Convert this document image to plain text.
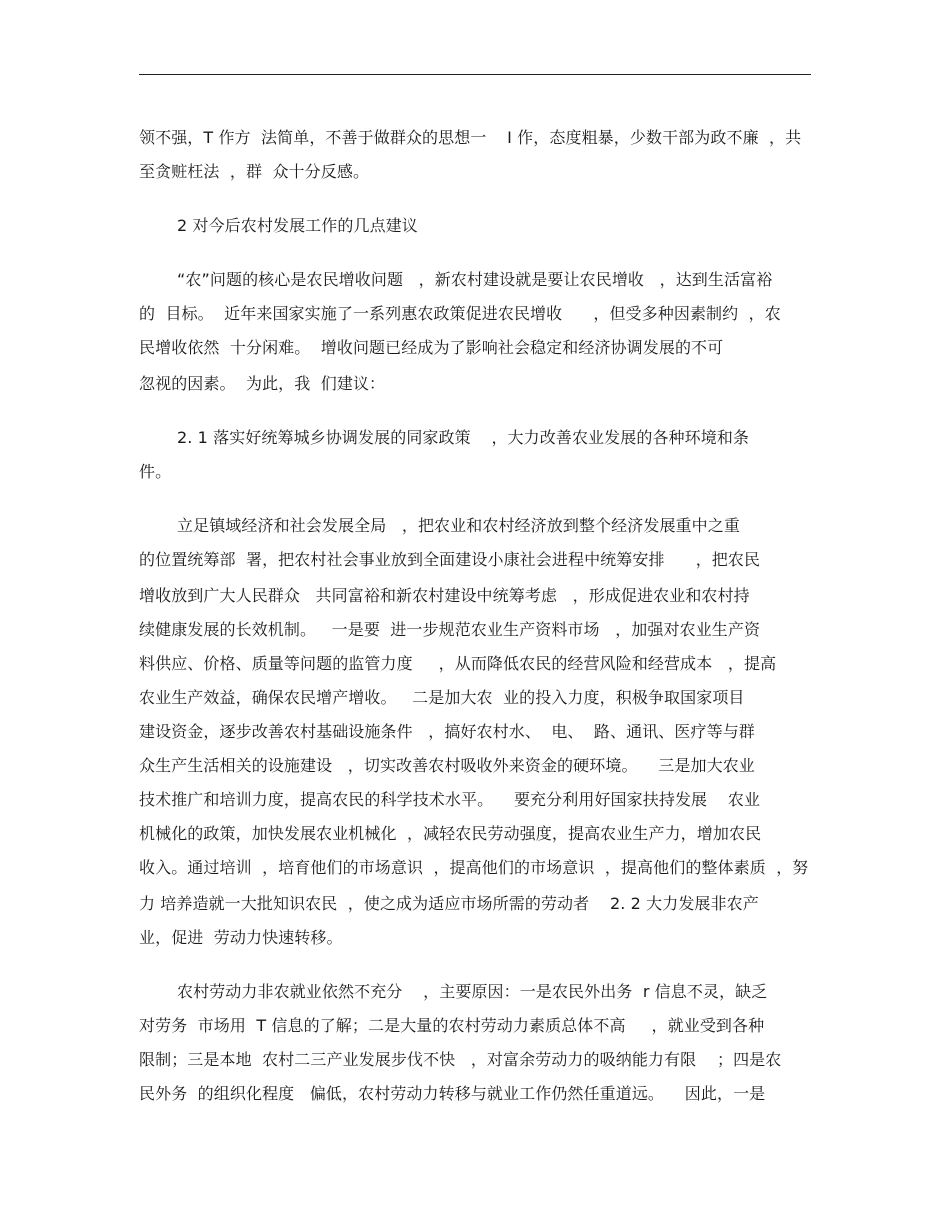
领不强，T 作方  法简单，不善于做群众的思想一    I 作，态度粗暴，少数干部为政不廉  ，共
至贪赃枉法  ，群  众十分反感。
2 对今后农村发展工作的几点建议
“农”问题的核心是农民增收问题   ，新农村建设就是要让农民增收   ，达到生活富裕
的  目标。  近年来国家实施了一系列惠农政策促进农民增收      ，但受多种因素制约  ，农
民增收依然  十分闲难。  增收问题已经成为了影响社会稳定和经济协调发展的不可
忽视的因素。  为此，我  们建议：
2. 1 落实好统筹城乡协调发展的同家政策    ，大力改善农业发展的各种环境和条
件。
立足镇域经济和社会发展全局   ，把农业和农村经济放到整个经济发展重中之重
的位置统筹部  署，把农村社会事业放到全面建设小康社会进程中统筹安排      ，把农民
增收放到广大人民群众   共同富裕和新农村建设中统筹考虑   ，形成促进农业和农村持
续健康发展的长效机制。   一是要  进一步规范农业生产资料市场   ，加强对农业生产资
料供应、价格、质量等问题的监管力度     ，从而降低农民的经营风险和经营成本   ，提高
农业生产效益，确保农民增产增收。   二是加大农  业的投入力度，积极争取国家项目
建设资金，逐步改善农村基础设施条件   ，搞好农村水、  电、  路、通讯、医疗等与群
众生产生活相关的设施建设   ，切实改善农村吸收外来资金的硬环境。    三是加大农业
技术推广和培训力度，提高农民的科学技术水平。    要充分利用好国家扶持发展    农业
机械化的政策，加快发展农业机械化  ，减轻农民劳动强度，提高农业生产力，增加农民
收入。通过培训  ，培育他们的市场意识  ，提高他们的市场意识  ，提高他们的整体素质  ，努
力 培养造就一大批知识农民  ，使之成为适应市场所需的劳动者    2. 2 大力发展非农产
业，促进  劳动力快速转移。
农村劳动力非农就业依然不充分    ，主要原因：一是农民外出务  r 信息不灵，缺乏
对劳务  市场用  T 信息的了解；二是大量的农村劳动力素质总体不高     ，就业受到各种
限制；三是本地  农村二三产业发展步伐不快   ，对富余劳动力的吸纳能力有限    ；四是农
民外务  的组织化程度   偏低，农村劳动力转移与就业工作仍然任重道远。    因此，一是
